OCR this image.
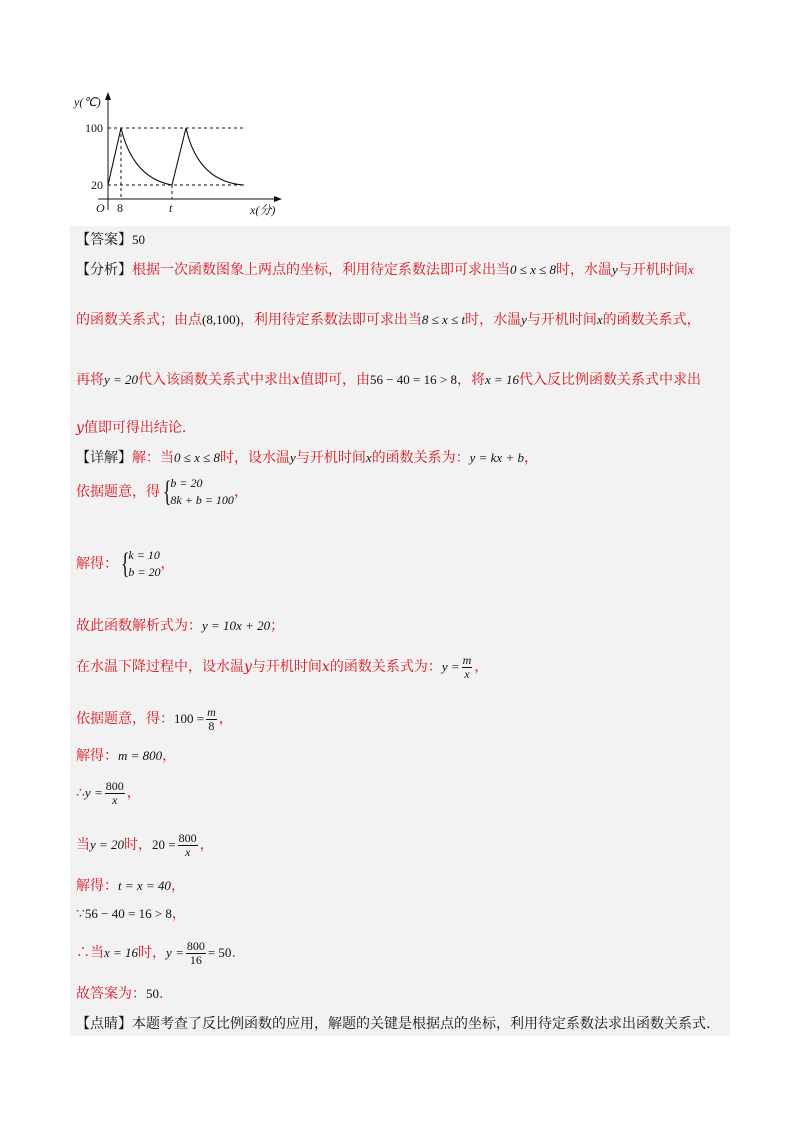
y(℃)
100
20
O 8	t	x(分)
【答案】50
【分析】根据一次函数图象上两点的坐标，利用待定系数法即可求出当0 ≤ x ≤ 8时，水温y与开机时间x
的函数关系式；由点(8,100)，利用待定系数法即可求出当8 ≤ x ≤ t时，水温y与开机时间x的函数关系式，
再将y = 20代入该函数关系式中求出x值即可，由56 − 40 = 16 > 8，将x = 16代入反比例函数关系式中求出
y值即可得出结论.
【详解】解：当0 ≤ x ≤ 8时，设水温y与开机时间x的函数关系为：y = kx + b，
依据题意，得{
b = 20
8k + b = 100 ，
解得：{
k = 10
b = 20 ，
故此函数解析式为：y = 10x + 20；
在水温下降过程中，设水温y与开机时间x的函数关系式为：$y = \frac{m}{x}$ ，
依据题意，得：$100 = \frac{m}{8}$ ，
解得：m = 800，
∴y = $\frac{800}{x}$ ，
当y = 20时，$20 = \frac{800}{x}$ ，
解得：t = x = 40，
∵56 − 40 = 16 > 8，
∴当x = 16时，$y = \frac{800}{16} = 50$.
故答案为：50.
【点睛】本题考查了反比例函数的应用，解题的关键是根据点的坐标，利用待定系数法求出函数关系式.
